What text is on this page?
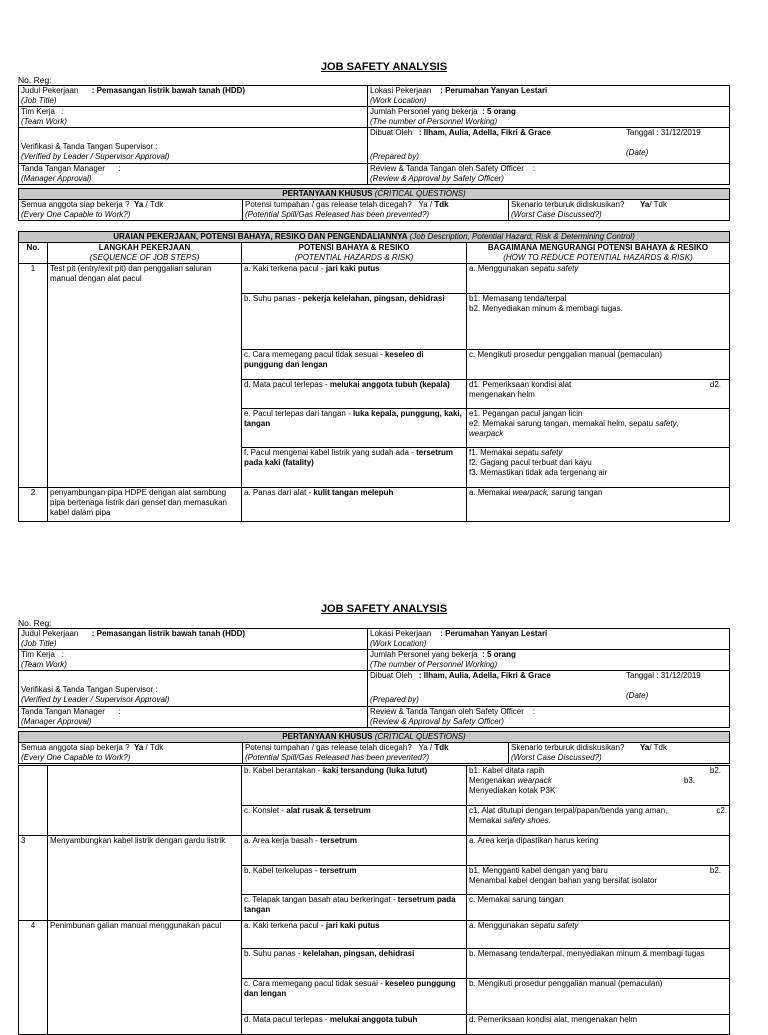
JOB SAFETY ANALYSIS
No. Reg:
Judul Pekerjaan : Pemasangan listrik bawah tanah (HDD)
(Job Title)	Lokasi Pekerjaan : Perumahan Yanyan Lestari
(Work Location)
Tim Kerja :
(Team Work)	Jumlah Personel yang bekerja : 5 orang
(The number of Personnel Working)

Verifikasi & Tanda Tangan Supervisor :
(Verified by Leader / Supervisor Approval)	Dibuat Oleh : Ilham, Aulia, Adella, Fikri & Grace Tanggal : 31/12/2019
(Prepared by) (Date)

Tanda Tangan Manager :
(Manager Approval)	Review & Tanda Tangan oleh Safety Officer :
(Review & Approval by Safety Officer)
PERTANYAAN KHUSUS (CRITICAL QUESTIONS)
Semua anggota siap bekerja ? Ya / Tdk
(Every One Capable to Work?)	Potensi tumpahan / gas release telah dicegah? Ya / Tdk
(Potential Spill/Gas Released has been prevented?)	Skenario terburuk didiskusikan? Ya/ Tdk
(Worst Case Discussed?)
URAIAN PEKERJAAN, POTENSI BAHAYA, RESIKO DAN PENGENDALIANNYA (Job Description, Potential Hazard, Risk & Determining Control)			
No.	LANGKAH PEKERJAAN
(SEQUENCE OF JOB STEPS)	POTENSI BAHAYA & RESIKO
(POTENTIAL HAZARDS & RISK)	BAGAIMANA MENGURANGI POTENSI BAHAYA & RESIKO
(HOW TO REDUCE POTENTIAL HAZARDS & RISK)
1	Test pit (entry/exit pit) dan penggalian saluran manual dengan alat pacul	a. Kaki terkena pacul - jari kaki putus	a. Menggunakan sepatu safety
		b. Suhu panas - pekerja kelelahan, pingsan, dehidrasi	b1. Memasang tenda/terpal
b2. Menyediakan minum & membagi tugas.
		c. Cara memegang pacul tidak sesuai - keseleo di punggung dan lengan	c. Mengikuti prosedur penggalian manual (pemaculan)
		d. Mata pacul terlepas - melukai anggota tubuh (kepala)	d1. Pemeriksaan kondisi alat d2.

mengenakan helm
		e. Pacul terlepas dari tangan - luka kepala, punggung, kaki, tangan	e1. Pegangan pacul jangan licin
e2. Memakai sarung tangan, memakai helm, sepatu safety,
wearpack
		f. Pacul mengenai kabel listrik yang sudah ada - tersetrum pada kaki (fatality)	f1. Memakai sepatu safety
f2. Gagang pacul terbuat dari kayu
f3. Memastikan tidak ada tergenang air
2	penyambungan pipa HDPE dengan alat sambung pipa bertenaga listrik dari genset dan memasukan kabel dalam pipa	a. Panas dari alat - kulit tangan melepuh	a. Memakai wearpack, sarung tangan
JOB SAFETY ANALYSIS
No. Reg:
Judul Pekerjaan : Pemasangan listrik bawah tanah (HDD)
(Job Title)	Lokasi Pekerjaan : Perumahan Yanyan Lestari
(Work Location)
Tim Kerja :
(Team Work)	Jumlah Personel yang bekerja : 5 orang
(The number of Personnel Working)

Verifikasi & Tanda Tangan Supervisor :
(Verified by Leader / Supervisor Approval)	Dibuat Oleh : Ilham, Aulia, Adella, Fikri & Grace Tanggal : 31/12/2019
(Prepared by) (Date)

Tanda Tangan Manager :
(Manager Approval)	Review & Tanda Tangan oleh Safety Officer :
(Review & Approval by Safety Officer)
PERTANYAAN KHUSUS (CRITICAL QUESTIONS)
Semua anggota siap bekerja ? Ya / Tdk
(Every One Capable to Work?)	Potensi tumpahan / gas release telah dicegah? Ya / Tdk
(Potential Spill/Gas Released has been prevented?)	Skenario terburuk didiskusikan? Ya/ Tdk
(Worst Case Discussed?)
		b. Kabel berantakan - kaki tersandung (luka lutut)	b1. Kabel ditata rapih b2.

Mengenakan wearpack b3.

Menyediakan kotak P3K
		c. Konslet - alat rusak & tersetrum	c1. Alat ditutupi dengan terpal/papan/benda yang aman, c2.

Memakai safety shoes.
3	Menyambungkan kabel listrik dengan gardu listrik	a. Area kerja basah - tersetrum	a. Area kerja dipastikan harus kering
		b. Kabel terkelupas - tersetrum	b1. Mengganti kabel dengan yang baru b2.

Menambal kabel dengan bahan yang bersifat isolator
		c. Telapak tangan basah atau berkeringat - tersetrum pada tangan	c. Memakai sarung tangan
4	Penimbunan galian manual menggunakan pacul	a. Kaki terkena pacul - jari kaki putus	a. Menggunakan sepatu safety
		b. Suhu panas - kelelahan, pingsan, dehidrasi	b. Memasang tenda/terpal, menyediakan minum & membagi tugas
		c. Cara memegang pacul tidak sesuai - keseleo punggung dan lengan	b. Mengikuti prosedur penggalian manual (pemaculan)
		d. Mata pacul terlepas - melukai anggota tubuh	d. Pemeriksaan kondisi alat, mengenakan helm
